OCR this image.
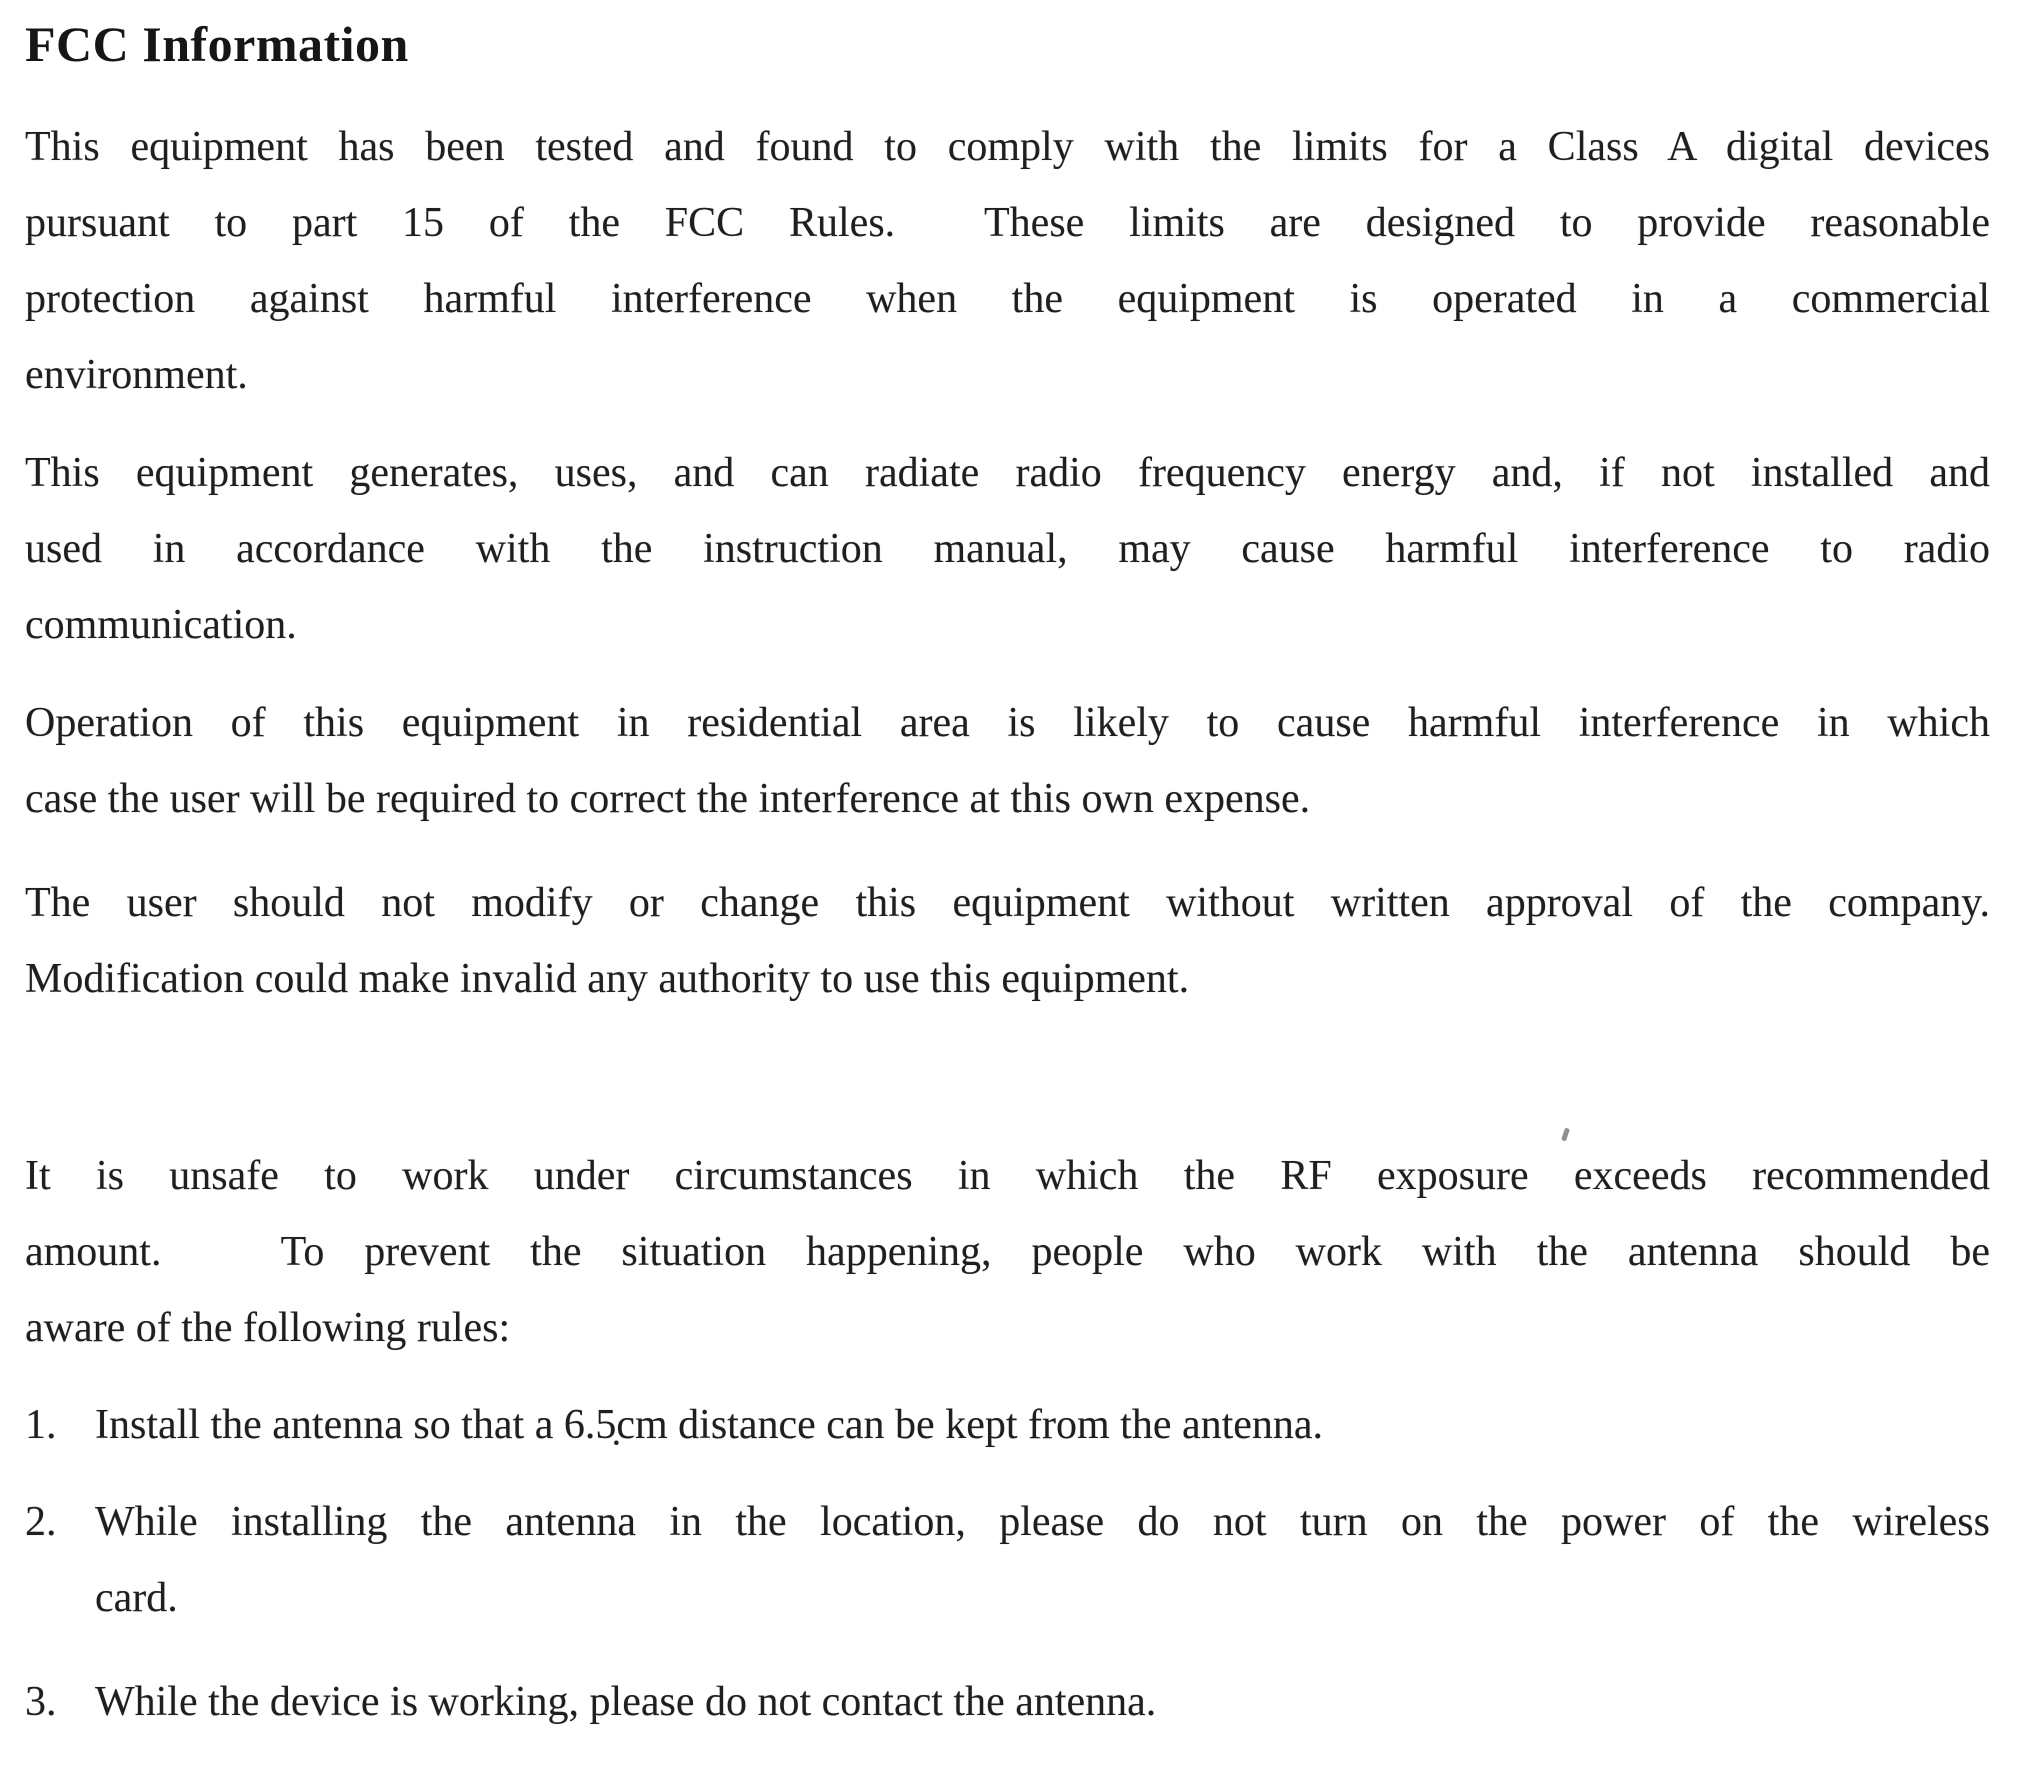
FCC Information

This equipment has been tested and found to comply with the limits for a Class A digital devices
pursuant to part 15 of the FCC Rules.  These limits are designed to provide reasonable
protection against harmful interference when the equipment is operated in a commercial
environment.

This equipment generates, uses, and can radiate radio frequency energy and, if not installed and
used in accordance with the instruction manual, may cause harmful interference to radio
communication.

Operation of this equipment in residential area is likely to cause harmful interference in which
case the user will be required to correct the interference at this own expense.

The user should not modify or change this equipment without written approval of the company.
Modification could make invalid any authority to use this equipment.

It is unsafe to work under circumstances in which the RF exposure exceeds recommended
amount.   To prevent the situation happening, people who work with the antenna should be
aware of the following rules:

1. Install the antenna so that a 6.5̣cm distance can be kept from the antenna.
2. While installing the antenna in the location, please do not turn on the power of the wireless
card.
3. While the device is working, please do not contact the antenna.
